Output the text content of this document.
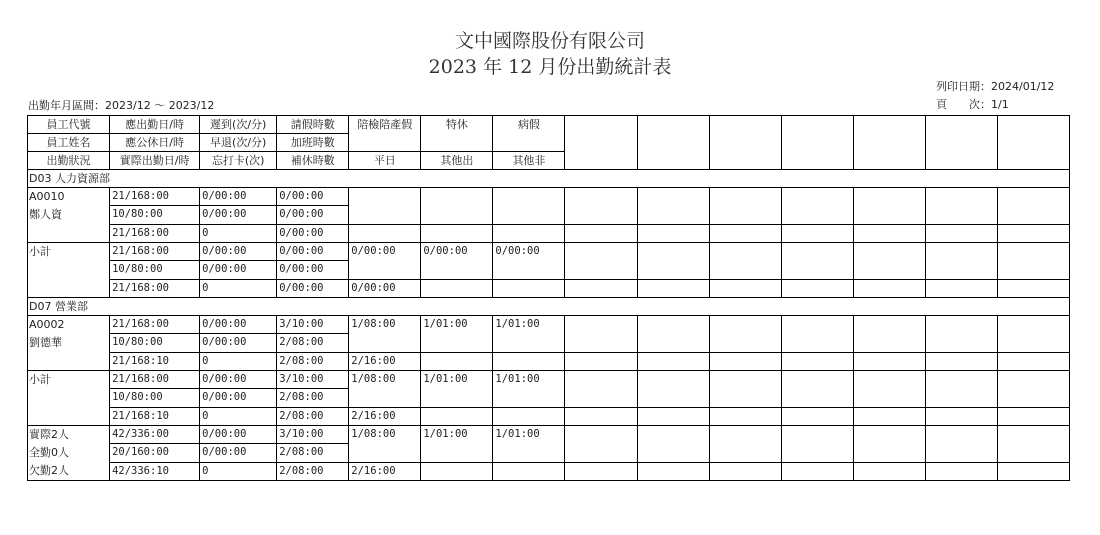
文中國際股份有限公司
2023 年 12 月份出勤統計表
列印日期：2024/01/12
頁　　次：1/1
出勤年月區間：2023/12 ～ 2023/12
員工代號	應出勤日/時	遲到(次/分)	請假時數	陪檢陪產假	特休	病假							
員工姓名	應公休日/時	早退(次/分)	加班時數										
出勤狀況	實際出勤日/時	忘打卡(次)	補休時數	平日	其他出	其他非							
D03 人力資源部													

A0010
鄭人資	21/168:00	0/00:00	0/00:00										
	10/80:00	0/00:00	0/00:00										
	21/168:00	0	0/00:00										

小計	21/168:00	0/00:00	0/00:00	0/00:00	0/00:00	0/00:00							
	10/80:00	0/00:00	0/00:00										
	21/168:00	0	0/00:00	0/00:00									
D07 營業部													

A0002
劉德華	21/168:00	0/00:00	3/10:00	1/08:00	1/01:00	1/01:00							
	10/80:00	0/00:00	2/08:00										
	21/168:10	0	2/08:00	2/16:00									

小計	21/168:00	0/00:00	3/10:00	1/08:00	1/01:00	1/01:00							
	10/80:00	0/00:00	2/08:00										
	21/168:10	0	2/08:00	2/16:00									

實際2人
全勤0人
欠勤2人	42/336:00	0/00:00	3/10:00	1/08:00	1/01:00	1/01:00							
	20/160:00	0/00:00	2/08:00										
	42/336:10	0	2/08:00	2/16:00									
